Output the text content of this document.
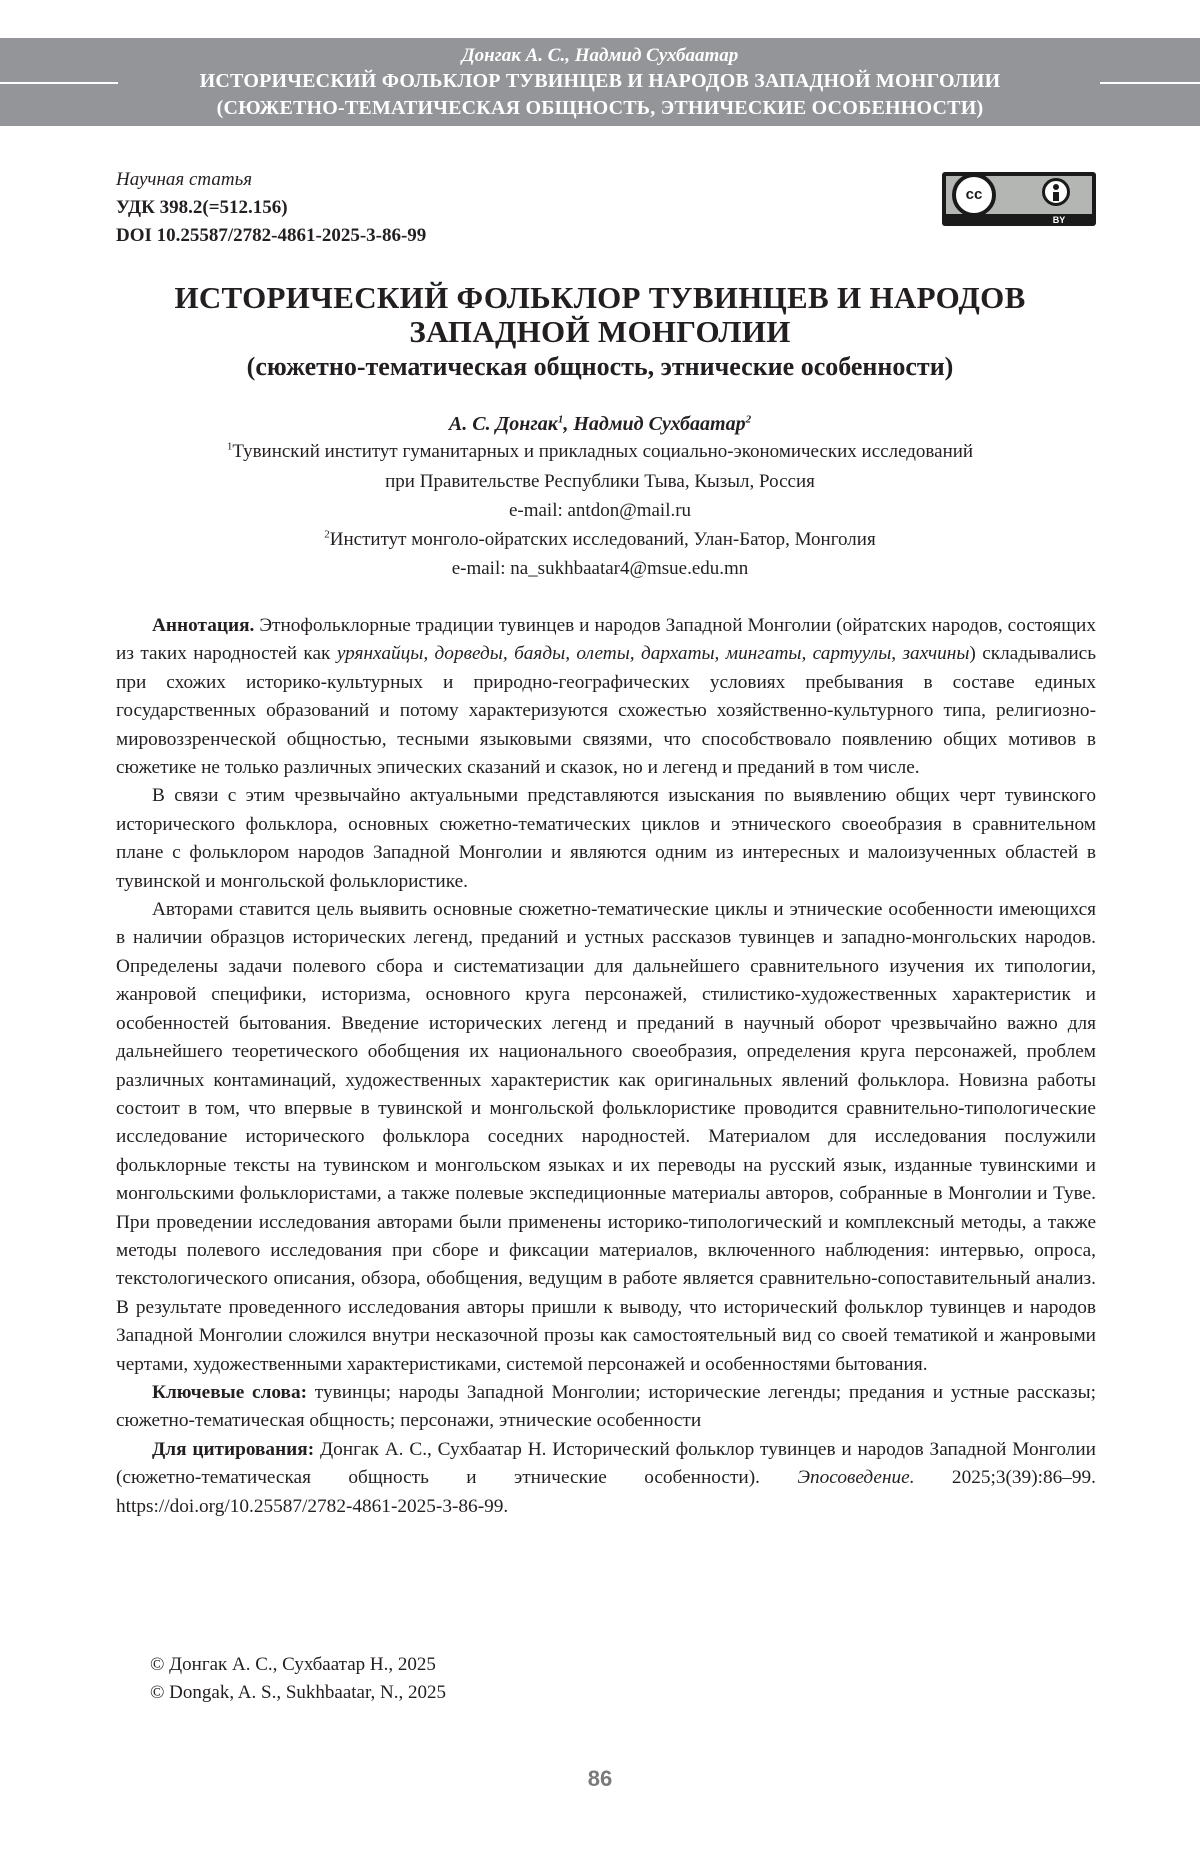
Донгак А. С., Надмид Сухбаатар
ИСТОРИЧЕСКИЙ ФОЛЬКЛОР ТУВИНЦЕВ И НАРОДОВ ЗАПАДНОЙ МОНГОЛИИ
(СЮЖЕТНО-ТЕМАТИЧЕСКАЯ ОБЩНОСТЬ, ЭТНИЧЕСКИЕ ОСОБЕННОСТИ)
Научная статья
УДК 398.2(=512.156)
DOI 10.25587/2782-4861-2025-3-86-99
cc
BY
ИСТОРИЧЕСКИЙ ФОЛЬКЛОР ТУВИНЦЕВ И НАРОДОВ
ЗАПАДНОЙ МОНГОЛИИ
(сюжетно-тематическая общность, этнические особенности)
А. С. Донгак$^1$, Надмид Сухбаатар$^2$
$^1$Тувинский институт гуманитарных и прикладных социально-экономических исследований
при Правительстве Республики Тыва, Кызыл, Россия
e-mail: antdon@mail.ru
$^2$Институт монголо-ойратских исследований, Улан-Батор, Монголия
e-mail: na_sukhbaatar4@msue.edu.mn

Аннотация. Этнофольклорные традиции тувинцев и народов Западной Монголии (ойратских народов, состоящих из таких народностей как урянхайцы, дорведы, баяды, олеты, дархаты, мингаты, сартуулы, захчины) складывались при схожих историко-культурных и природно-географических условиях пребывания в составе единых государственных образований и потому характеризуются схожестью хозяйственно-культурного типа, религиозно-мировоззренческой общностью, тесными языковыми связями, что способствовало появлению общих мотивов в сюжетике не только различных эпических сказаний и сказок, но и легенд и преданий в том числе.

В связи с этим чрезвычайно актуальными представляются изыскания по выявлению общих черт тувинского исторического фольклора, основных сюжетно-тематических циклов и этнического своеобразия в сравнительном плане с фольклором народов Западной Монголии и являются одним из интересных и малоизученных областей в тувинской и монгольской фольклористике.

Авторами ставится цель выявить основные сюжетно-тематические циклы и этнические особенности имеющихся в наличии образцов исторических легенд, преданий и устных рассказов тувинцев и западно-монгольских народов. Определены задачи полевого сбора и систематизации для дальнейшего сравнительного изучения их типологии, жанровой специфики, историзма, основного круга персонажей, стилистико-художественных характеристик и особенностей бытования. Введение исторических легенд и преданий в научный оборот чрезвычайно важно для дальнейшего теоретического обобщения их национального своеобразия, определения круга персонажей, проблем различных контаминаций, художественных характеристик как оригинальных явлений фольклора. Новизна работы состоит в том, что впервые в тувинской и монгольской фольклористике проводится сравнительно-типологические исследование исторического фольклора соседних народностей. Материалом для исследования послужили фольклорные тексты на тувинском и монгольском языках и их переводы на русский язык, изданные тувинскими и монгольскими фольклористами, а также полевые экспедиционные материалы авторов, собранные в Монголии и Туве. При проведении исследования авторами были применены историко-типологический и комплексный методы, а также методы полевого исследования при сборе и фиксации материалов, включенного наблюдения: интервью, опроса, текстологического описания, обзора, обобщения, ведущим в работе является сравнительно-сопоставительный анализ. В результате проведенного исследования авторы пришли к выводу, что исторический фольклор тувинцев и народов Западной Монголии сложился внутри несказочной прозы как самостоятельный вид со своей тематикой и жанровыми чертами, художественными характеристиками, системой персонажей и особенностями бытования.

Ключевые слова: тувинцы; народы Западной Монголии; исторические легенды; предания и устные рассказы; сюжетно-тематическая общность; персонажи, этнические особенности

Для цитирования: Донгак А. С., Сухбаатар Н. Исторический фольклор тувинцев и народов Западной Монголии (сюжетно-тематическая общность и этнические особенности). Эпосоведение. 2025;3(39):86–99. https://doi.org/10.25587/2782-4861-2025-3-86-99.

© Донгак А. С., Сухбаатар Н., 2025
© Dongak, A. S., Sukhbaatar, N., 2025
86
